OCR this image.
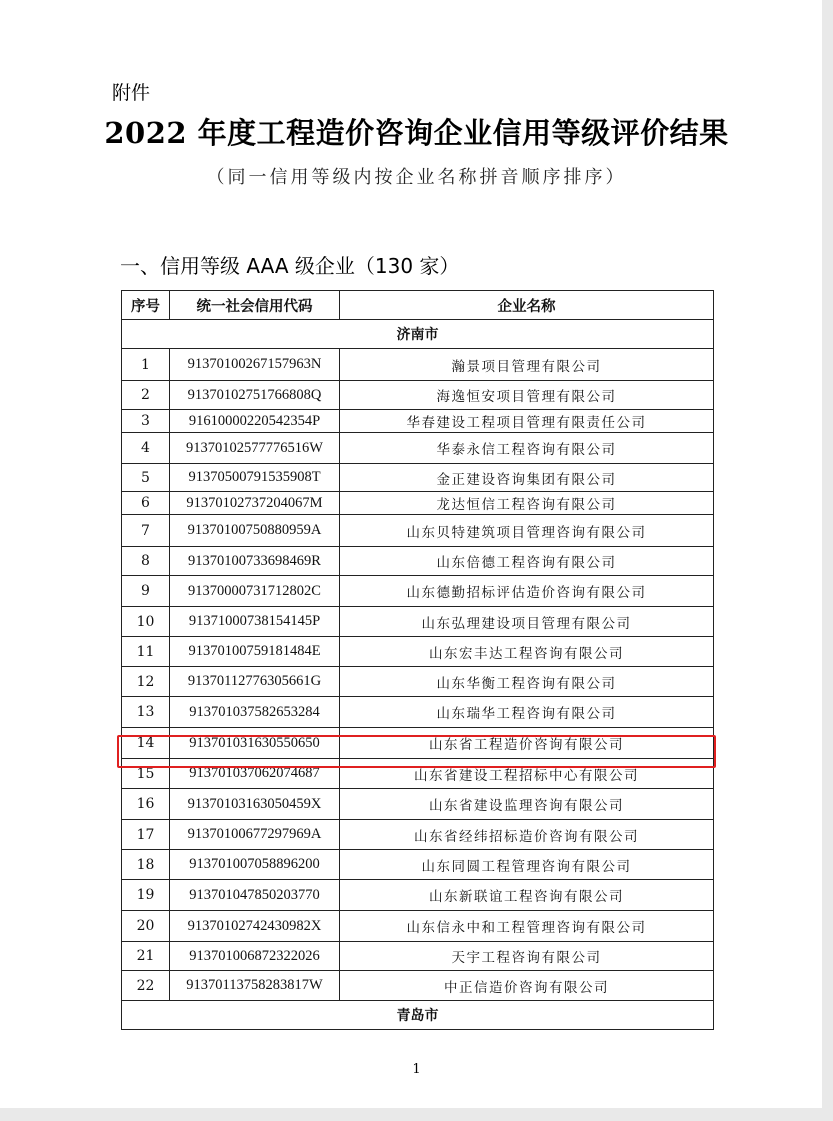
附件
2022 年度工程造价咨询企业信用等级评价结果
（同一信用等级内按企业名称拼音顺序排序）
一、信用等级 AAA 级企业（130 家）
序号	统一社会信用代码	企业名称
济南市		
1	91370100267157963N	瀚景项目管理有限公司
2	91370102751766808Q	海逸恒安项目管理有限公司
3	91610000220542354P	华春建设工程项目管理有限责任公司
4	91370102577776516W	华泰永信工程咨询有限公司
5	91370500791535908T	金正建设咨询集团有限公司
6	91370102737204067M	龙达恒信工程咨询有限公司
7	91370100750880959A	山东贝特建筑项目管理咨询有限公司
8	91370100733698469R	山东倍德工程咨询有限公司
9	91370000731712802C	山东德勤招标评估造价咨询有限公司
10	91371000738154145P	山东弘理建设项目管理有限公司
11	91370100759181484E	山东宏丰达工程咨询有限公司
12	91370112776305661G	山东华衡工程咨询有限公司
13	913701037582653284	山东瑞华工程咨询有限公司
14	913701031630550650	山东省工程造价咨询有限公司
15	913701037062074687	山东省建设工程招标中心有限公司
16	91370103163050459X	山东省建设监理咨询有限公司
17	91370100677297969A	山东省经纬招标造价咨询有限公司
18	913701007058896200	山东同圆工程管理咨询有限公司
19	913701047850203770	山东新联谊工程咨询有限公司
20	91370102742430982X	山东信永中和工程管理咨询有限公司
21	913701006872322026	天宇工程咨询有限公司
22	91370113758283817W	中正信造价咨询有限公司
青岛市		
1
